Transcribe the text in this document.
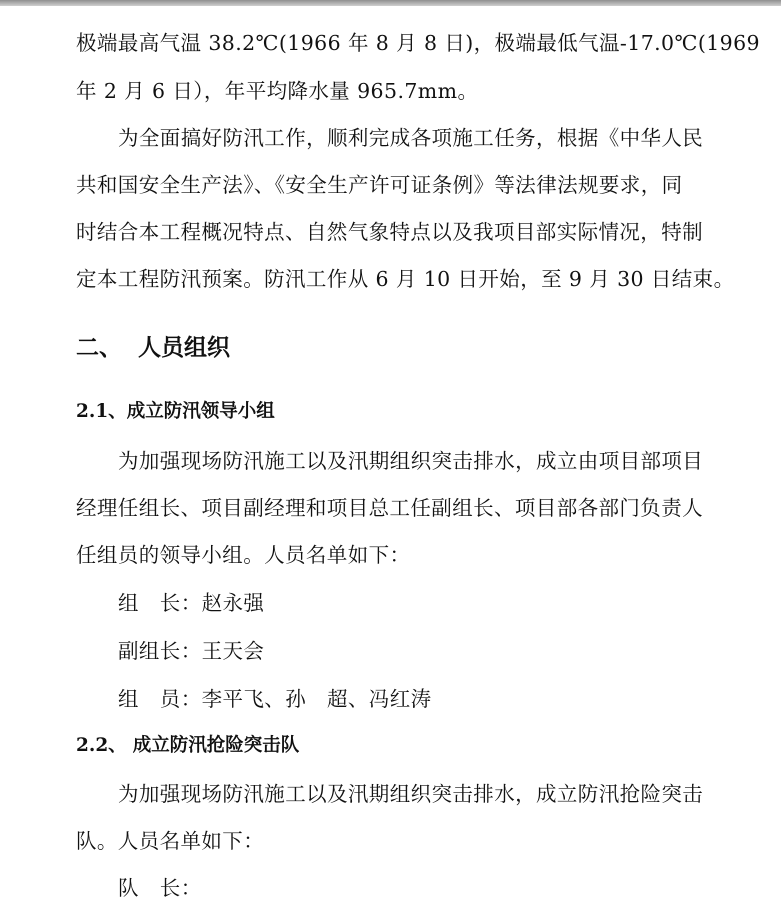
极端最高气温 38.2℃(1966 年 8 月 8 日)，极端最低气温-17.0℃(1969
年 2 月 6 日），年平均降水量 965.7mm。
为全面搞好防汛工作，顺利完成各项施工任务，根据《中华人民
共和国安全生产法》、《安全生产许可证条例》等法律法规要求，同
时结合本工程概况特点、自然气象特点以及我项目部实际情况，特制
定本工程防汛预案。防汛工作从 6 月 10 日开始，至 9 月 30 日结束。
二、 人员组织
2.1、成立防汛领导小组
为加强现场防汛施工以及汛期组织突击排水，成立由项目部项目
经理任组长、项目副经理和项目总工任副组长、项目部各部门负责人
任组员的领导小组。人员名单如下：
组　长：赵永强
副组长：王天会
组　员：李平飞、孙　超、冯红涛
2.2、 成立防汛抢险突击队
为加强现场防汛施工以及汛期组织突击排水，成立防汛抢险突击
队。人员名单如下：
队　长：
